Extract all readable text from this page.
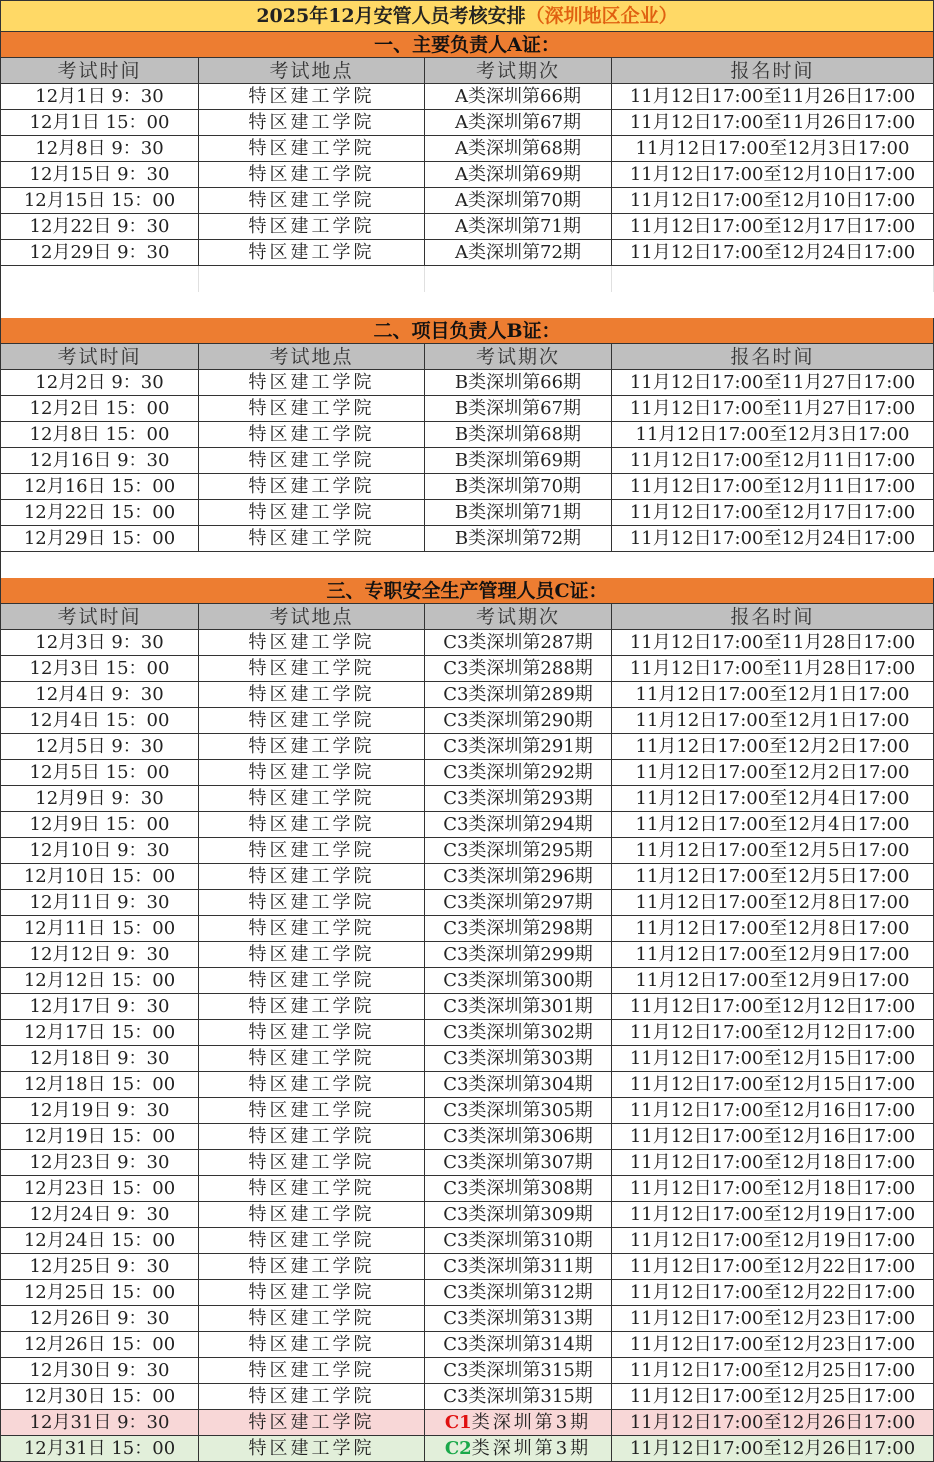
2025年12月安管人员考核安排 （深圳地区企业）
一、主要负责人A证：
考试时间	考试地点	考试期次	报名时间
12月1日 9：30	特区建工学院	A类深圳第66期	11月12日17:00至11月26日17:00
12月1日 15：00	特区建工学院	A类深圳第67期	11月12日17:00至11月26日17:00
12月8日 9：30	特区建工学院	A类深圳第68期	11月12日17:00至12月3日17:00
12月15日 9：30	特区建工学院	A类深圳第69期	11月12日17:00至12月10日17:00
12月15日 15：00	特区建工学院	A类深圳第70期	11月12日17:00至12月10日17:00
12月22日 9：30	特区建工学院	A类深圳第71期	11月12日17:00至12月17日17:00
12月29日 9：30	特区建工学院	A类深圳第72期	11月12日17:00至12月24日17:00
二、项目负责人B证：
考试时间	考试地点	考试期次	报名时间
12月2日 9：30	特区建工学院	B类深圳第66期	11月12日17:00至11月27日17:00
12月2日 15：00	特区建工学院	B类深圳第67期	11月12日17:00至11月27日17:00
12月8日 15：00	特区建工学院	B类深圳第68期	11月12日17:00至12月3日17:00
12月16日 9：30	特区建工学院	B类深圳第69期	11月12日17:00至12月11日17:00
12月16日 15：00	特区建工学院	B类深圳第70期	11月12日17:00至12月11日17:00
12月22日 15：00	特区建工学院	B类深圳第71期	11月12日17:00至12月17日17:00
12月29日 15：00	特区建工学院	B类深圳第72期	11月12日17:00至12月24日17:00
三、专职安全生产管理人员C证：
考试时间	考试地点	考试期次	报名时间
12月3日 9：30	特区建工学院	C3类深圳第287期	11月12日17:00至11月28日17:00
12月3日 15：00	特区建工学院	C3类深圳第288期	11月12日17:00至11月28日17:00
12月4日 9：30	特区建工学院	C3类深圳第289期	11月12日17:00至12月1日17:00
12月4日 15：00	特区建工学院	C3类深圳第290期	11月12日17:00至12月1日17:00
12月5日 9：30	特区建工学院	C3类深圳第291期	11月12日17:00至12月2日17:00
12月5日 15：00	特区建工学院	C3类深圳第292期	11月12日17:00至12月2日17:00
12月9日 9：30	特区建工学院	C3类深圳第293期	11月12日17:00至12月4日17:00
12月9日 15：00	特区建工学院	C3类深圳第294期	11月12日17:00至12月4日17:00
12月10日 9：30	特区建工学院	C3类深圳第295期	11月12日17:00至12月5日17:00
12月10日 15：00	特区建工学院	C3类深圳第296期	11月12日17:00至12月5日17:00
12月11日 9：30	特区建工学院	C3类深圳第297期	11月12日17:00至12月8日17:00
12月11日 15：00	特区建工学院	C3类深圳第298期	11月12日17:00至12月8日17:00
12月12日 9：30	特区建工学院	C3类深圳第299期	11月12日17:00至12月9日17:00
12月12日 15：00	特区建工学院	C3类深圳第300期	11月12日17:00至12月9日17:00
12月17日 9：30	特区建工学院	C3类深圳第301期	11月12日17:00至12月12日17:00
12月17日 15：00	特区建工学院	C3类深圳第302期	11月12日17:00至12月12日17:00
12月18日 9：30	特区建工学院	C3类深圳第303期	11月12日17:00至12月15日17:00
12月18日 15：00	特区建工学院	C3类深圳第304期	11月12日17:00至12月15日17:00
12月19日 9：30	特区建工学院	C3类深圳第305期	11月12日17:00至12月16日17:00
12月19日 15：00	特区建工学院	C3类深圳第306期	11月12日17:00至12月16日17:00
12月23日 9：30	特区建工学院	C3类深圳第307期	11月12日17:00至12月18日17:00
12月23日 15：00	特区建工学院	C3类深圳第308期	11月12日17:00至12月18日17:00
12月24日 9：30	特区建工学院	C3类深圳第309期	11月12日17:00至12月19日17:00
12月24日 15：00	特区建工学院	C3类深圳第310期	11月12日17:00至12月19日17:00
12月25日 9：30	特区建工学院	C3类深圳第311期	11月12日17:00至12月22日17:00
12月25日 15：00	特区建工学院	C3类深圳第312期	11月12日17:00至12月22日17:00
12月26日 9：30	特区建工学院	C3类深圳第313期	11月12日17:00至12月23日17:00
12月26日 15：00	特区建工学院	C3类深圳第314期	11月12日17:00至12月23日17:00
12月30日 9：30	特区建工学院	C3类深圳第315期	11月12日17:00至12月25日17:00
12月30日 15：00	特区建工学院	C3类深圳第315期	11月12日17:00至12月25日17:00
12月31日 9：30	特区建工学院	C1 类深圳第3期	11月12日17:00至12月26日17:00
12月31日 15：00	特区建工学院	C2 类深圳第3期	11月12日17:00至12月26日17:00
